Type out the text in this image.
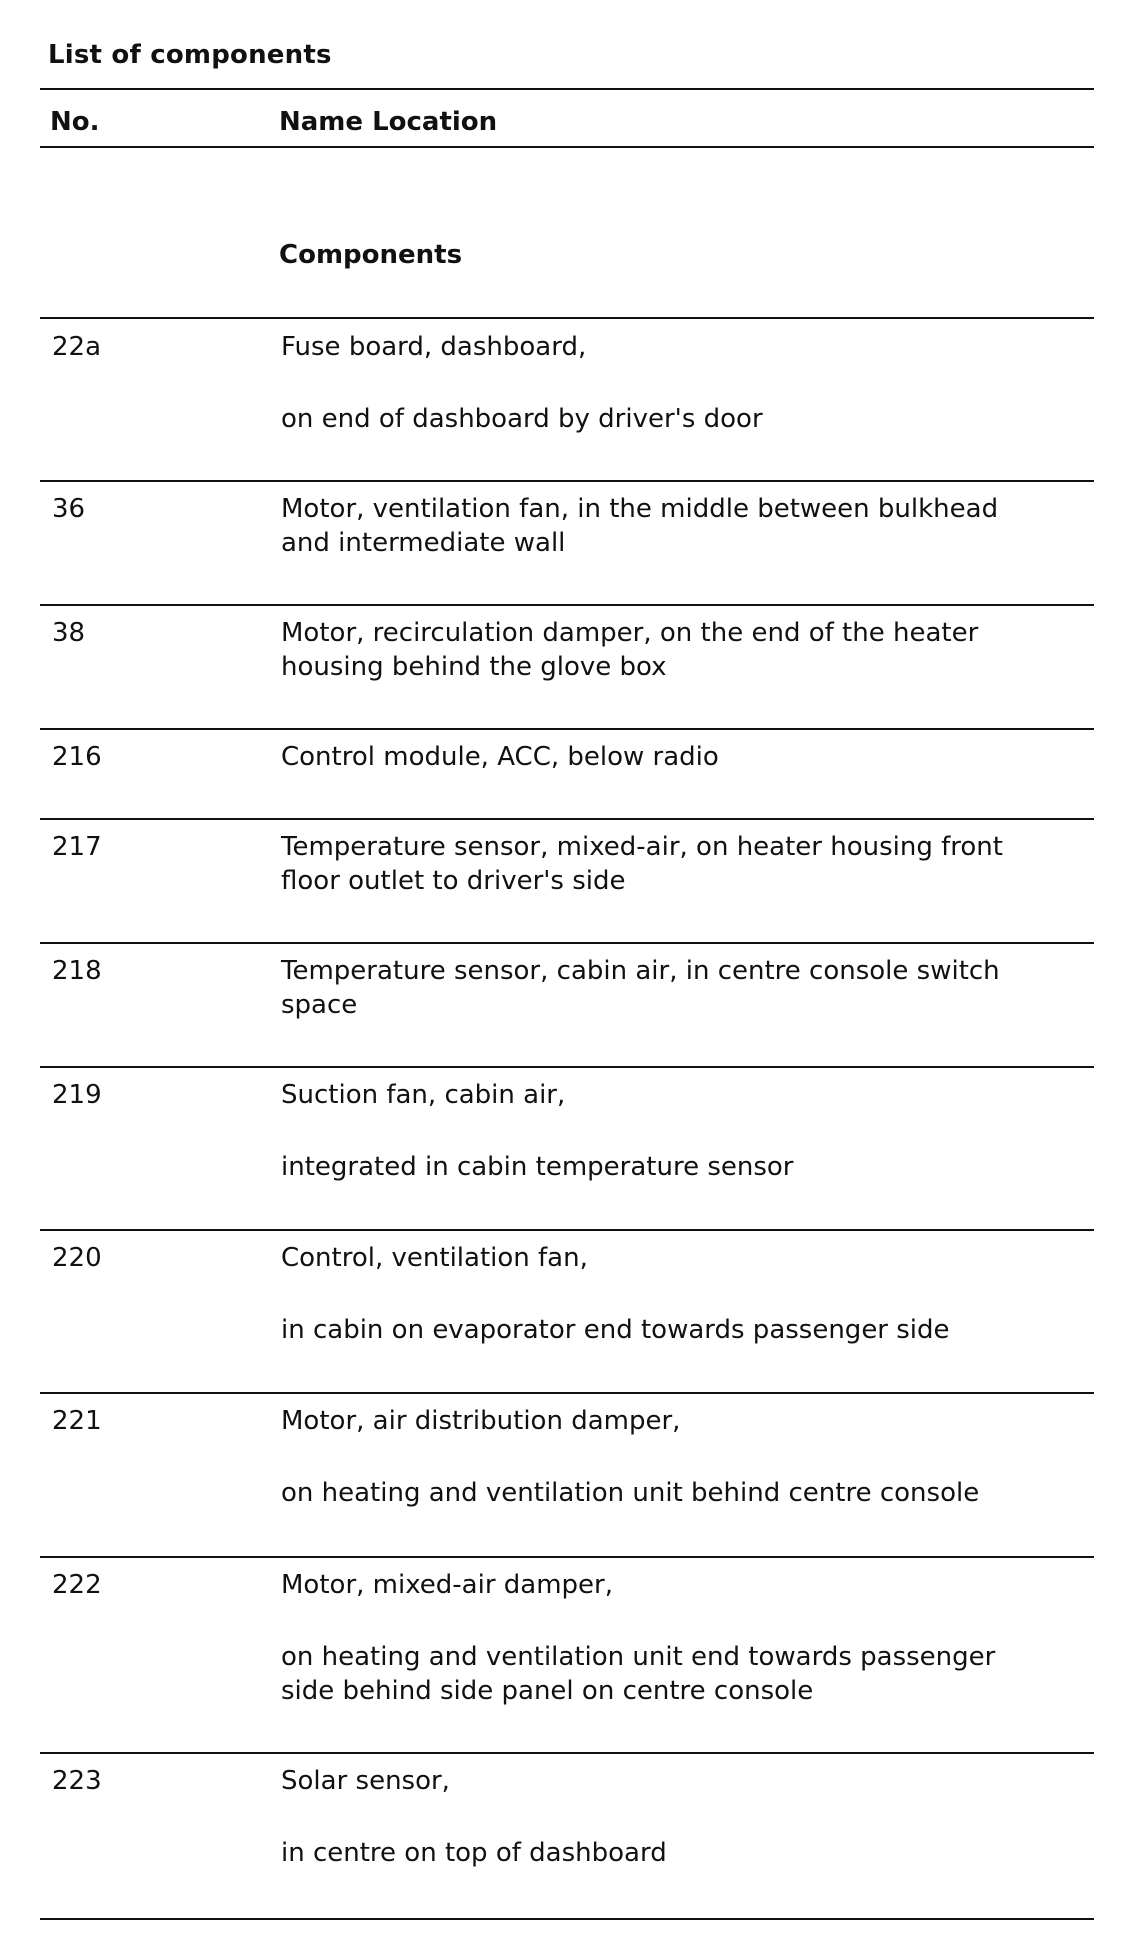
List of components
No.	Name Location
Components
22a	Fuse board, dashboard,
on end of dashboard by driver's door
36	Motor, ventilation fan, in the middle between bulkhead
and intermediate wall
38	Motor, recirculation damper, on the end of the heater
housing behind the glove box
216	Control module, ACC, below radio
217	Temperature sensor, mixed-air, on heater housing front
floor outlet to driver's side
218	Temperature sensor, cabin air, in centre console switch
space
219	Suction fan, cabin air,
integrated in cabin temperature sensor
220	Control, ventilation fan,
in cabin on evaporator end towards passenger side
221	Motor, air distribution damper,
on heating and ventilation unit behind centre console
222	Motor, mixed-air damper,
on heating and ventilation unit end towards passenger
side behind side panel on centre console
223	Solar sensor,
in centre on top of dashboard
